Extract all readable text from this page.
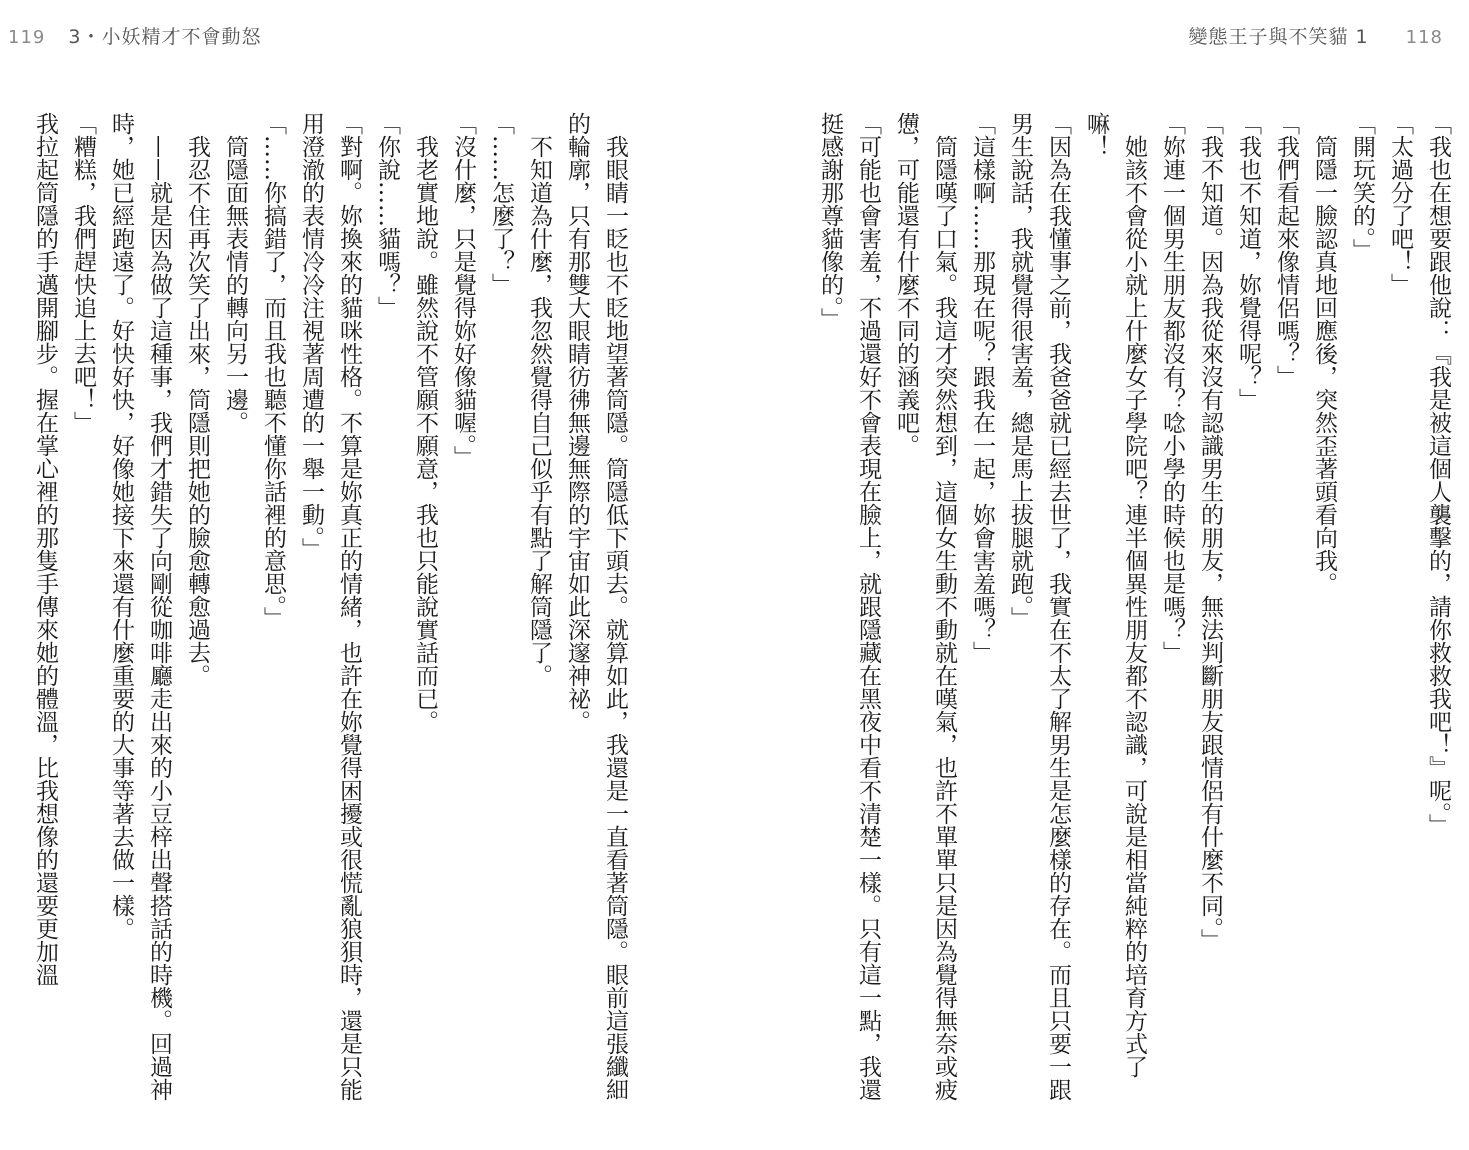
119 3・小妖精才不會動怒	變態王子與不笑貓 1 118

「我也在想要跟他說：『我是被這個人襲擊的，請你救救我吧！』呢。」

「太過分了吧！」

「開玩笑的。」

筒隱一臉認真地回應後，突然歪著頭看向我。

「我們看起來像情侶嗎？」

「我也不知道，妳覺得呢？」

「我不知道。因為我從來沒有認識男生的朋友，無法判斷朋友跟情侶有什麼不同。」

「妳連一個男生朋友都沒有？唸小學的時候也是嗎？」

她該不會從小就上什麼女子學院吧？連半個異性朋友都不認識，可說是相當純粹的培育方式了嘛！

「因為在我懂事之前，我爸爸就已經去世了，我實在不太了解男生是怎麼樣的存在。而且只要一跟男生說話，我就覺得很害羞，總是馬上拔腿就跑。」

「這樣啊……那現在呢？跟我在一起，妳會害羞嗎？」

筒隱嘆了口氣。我這才突然想到，這個女生動不動就在嘆氣，也許不單單只是因為覺得無奈或疲憊，可能還有什麼不同的涵義吧。

「可能也會害羞，不過還好不會表現在臉上，就跟隱藏在黑夜中看不清楚一樣。只有這一點，我還挺感謝那尊貓像的。」

我眼睛一眨也不眨地望著筒隱。筒隱低下頭去。就算如此，我還是一直看著筒隱。眼前這張纖細的輪廓，只有那雙大眼睛彷彿無邊無際的宇宙如此深邃神祕。

不知道為什麼，我忽然覺得自己似乎有點了解筒隱了。

「……怎麼了？」

「沒什麼，只是覺得妳好像貓喔。」

我老實地說。雖然說不管願不願意，我也只能說實話而已。

「你說……貓嗎？」

「對啊。妳換來的貓咪性格。不算是妳真正的情緒，也許在妳覺得困擾或很慌亂狼狽時，還是只能用澄澈的表情冷冷注視著周遭的一舉一動。」

「……你搞錯了，而且我也聽不懂你話裡的意思。」

筒隱面無表情的轉向另一邊。

我忍不住再次笑了出來，筒隱則把她的臉愈轉愈過去。

——就是因為做了這種事，我們才錯失了向剛從咖啡廳走出來的小豆梓出聲搭話的時機。回過神時，她已經跑遠了。好快好快，好像她接下來還有什麼重要的大事等著去做一樣。

「糟糕，我們趕快追上去吧！」

我拉起筒隱的手邁開腳步。握在掌心裡的那隻手傳來她的體溫，比我想像的還要更加溫
